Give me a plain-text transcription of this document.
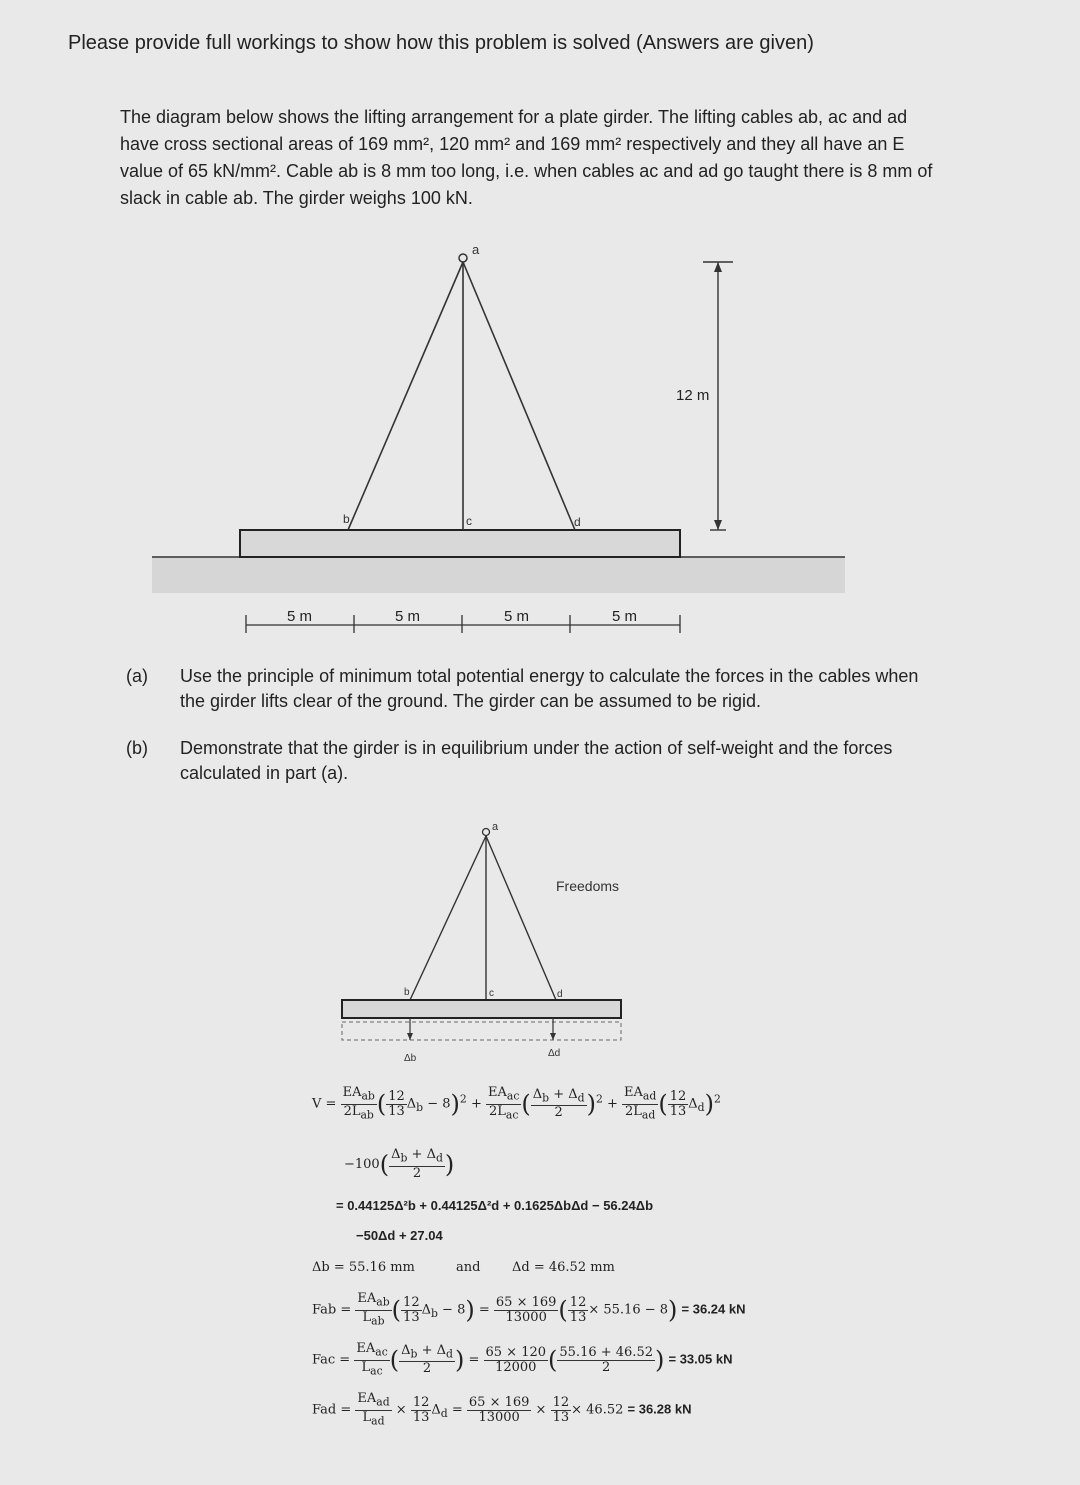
Please provide full workings to show how this problem is solved (Answers are given)
The diagram below shows the lifting arrangement for a plate girder. The lifting cables ab, ac and ad have cross sectional areas of 169 mm², 120 mm² and 169 mm² respectively and they all have an E value of 65 kN/mm². Cable ab is 8 mm too long, i.e. when cables ac and ad go taught there is 8 mm of slack in cable ab. The girder weighs 100 kN.
a
b	c	d
12 m
5 m	5 m	5 m	5 m
(a) Use the principle of minimum total potential energy to calculate the forces in the cables when the girder lifts clear of the ground. The girder can be assumed to be rigid.
(b) Demonstrate that the girder is in equilibrium under the action of self-weight and the forces calculated in part (a).
a
b	c	d
Freedoms
Δb	Δd
$V = \frac{EA_{ab}}{2L_{ab}}$ ( $\frac{12}{13} \Delta_b - 8)^2 + \frac{EA_{ac}}{2L_{ac}}$ ( $\frac{\Delta_b + \Delta_d}{2} )^2 + \frac{EA_{ad}}{2L_{ad}}$ ( $\frac{12}{13} \Delta_d)^2$
$-100( \frac{\Delta_b + \Delta_d}{2}$ )
= 0.44125Δ²b + 0.44125Δ²d + 0.1625ΔbΔd − 56.24Δb
−50Δd + 27.04
Δb = 55.16 mm	and Δd = 46.52 mm
Fab = $\frac{EA_{ab}}{L_{ab}}$ ( $\frac{12}{13} \Delta_b - 8) = \frac{65 \times 169}{13000}$ ( $\frac{12}{13} \times 55.16 - 8) = 36.24$ kN
Fac = $\frac{EA_{ac}}{L_{ac}}$ ( $\frac{\Delta_b + \Delta_d}{2}$ ) = $\frac{65 \times 120}{12000}$ ( $\frac{55.16 + 46.52}{2}$ ) = 33.05 kN
Fad = $\frac{EA_{ad}}{L_{ad}} \times \frac{12}{13} \Delta_d = \frac{65 \times 169}{13000} \times \frac{12}{13} \times 46.52 = 36.28$ kN
